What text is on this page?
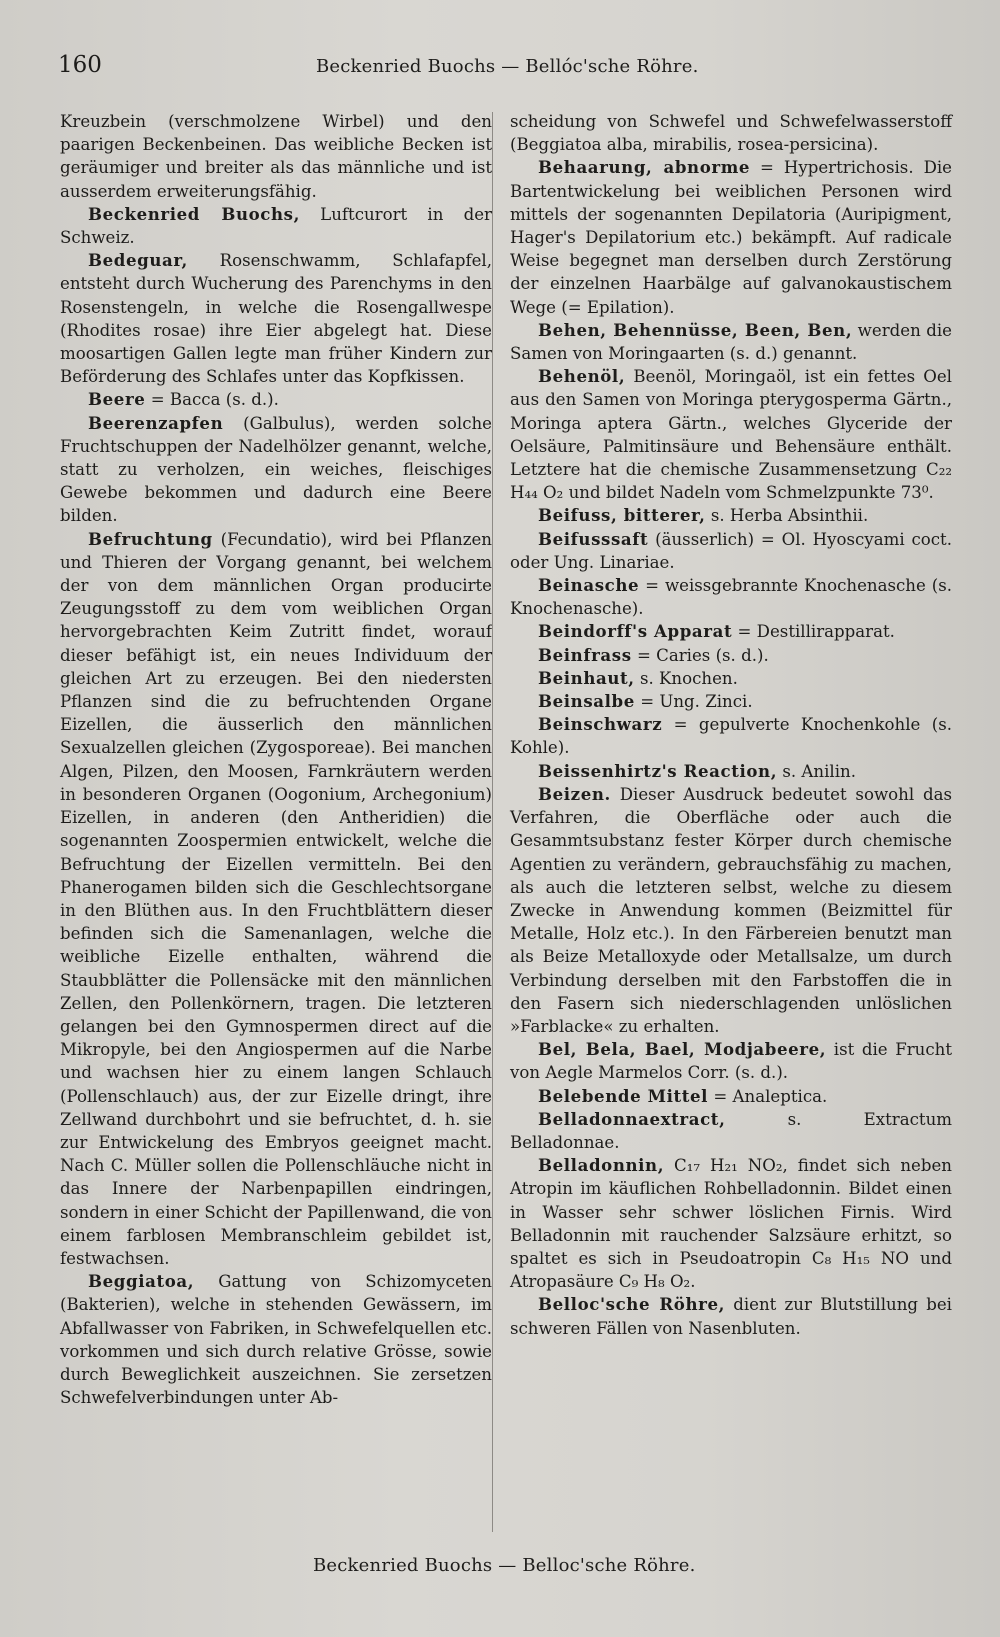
160	Beckenried Buochs — Bellóc'sche Röhre.

Kreuzbein (verschmolzene Wirbel) und den paarigen Beckenbeinen. Das weibliche Becken ist geräumiger und breiter als das männliche und ist ausserdem erweiterungsfähig.

Beckenried Buochs, Luftcurort in der Schweiz.

Bedeguar, Rosenschwamm, Schlafapfel, entsteht durch Wucherung des Parenchyms in den Rosenstengeln, in welche die Rosengallwespe (Rhodites rosae) ihre Eier abgelegt hat. Diese moosartigen Gallen legte man früher Kindern zur Beförderung des Schlafes unter das Kopfkissen.

Beere = Bacca (s. d.).

Beerenzapfen (Galbulus), werden solche Fruchtschuppen der Nadelhölzer genannt, welche, statt zu verholzen, ein weiches, fleischiges Gewebe bekommen und dadurch eine Beere bilden.

Befruchtung (Fecundatio), wird bei Pflanzen und Thieren der Vorgang genannt, bei welchem der von dem männlichen Organ producirte Zeugungsstoff zu dem vom weiblichen Organ hervorgebrachten Keim Zutritt findet, worauf dieser befähigt ist, ein neues Individuum der gleichen Art zu erzeugen. Bei den niedersten Pflanzen sind die zu befruchtenden Organe Eizellen, die äusserlich den männlichen Sexualzellen gleichen (Zygosporeae). Bei manchen Algen, Pilzen, den Moosen, Farnkräutern werden in besonderen Organen (Oogonium, Archegonium) Eizellen, in anderen (den Antheridien) die sogenannten Zoospermien entwickelt, welche die Befruchtung der Eizellen vermitteln. Bei den Phanerogamen bilden sich die Geschlechtsorgane in den Blüthen aus. In den Fruchtblättern dieser befinden sich die Samenanlagen, welche die weibliche Eizelle enthalten, während die Staubblätter die Pollensäcke mit den männlichen Zellen, den Pollenkörnern, tragen. Die letzteren gelangen bei den Gymnospermen direct auf die Mikropyle, bei den Angiospermen auf die Narbe und wachsen hier zu einem langen Schlauch (Pollenschlauch) aus, der zur Eizelle dringt, ihre Zellwand durchbohrt und sie befruchtet, d. h. sie zur Entwickelung des Embryos geeignet macht. Nach C. Müller sollen die Pollenschläuche nicht in das Innere der Narbenpapillen eindringen, sondern in einer Schicht der Papillenwand, die von einem farblosen Membranschleim gebildet ist, festwachsen.

Beggiatoa, Gattung von Schizomyceten (Bakterien), welche in stehenden Gewässern, im Abfallwasser von Fabriken, in Schwefelquellen etc. vorkommen und sich durch relative Grösse, sowie durch Beweglichkeit auszeichnen. Sie zersetzen Schwefelverbindungen unter Ab-

scheidung von Schwefel und Schwefelwasserstoff (Beggiatoa alba, mirabilis, rosea-persicina).

Behaarung, abnorme = Hypertrichosis. Die Bartentwickelung bei weiblichen Personen wird mittels der sogenannten Depilatoria (Auripigment, Hager's Depilatorium etc.) bekämpft. Auf radicale Weise begegnet man derselben durch Zerstörung der einzelnen Haarbälge auf galvanokaustischem Wege (= Epilation).

Behen, Behennüsse, Been, Ben, werden die Samen von Moringaarten (s. d.) genannt.

Behenöl, Beenöl, Moringaöl, ist ein fettes Oel aus den Samen von Moringa pterygosperma Gärtn., Moringa aptera Gärtn., welches Glyceride der Oelsäure, Palmitinsäure und Behensäure enthält. Letztere hat die chemische Zusammensetzung C₂₂ H₄₄ O₂ und bildet Nadeln vom Schmelzpunkte 73⁰.

Beifuss, bitterer, s. Herba Absinthii.

Beifusssaft (äusserlich) = Ol. Hyoscyami coct. oder Ung. Linariae.

Beinasche = weissgebrannte Knochenasche (s. Knochenasche).

Beindorff's Apparat = Destillirapparat.

Beinfrass = Caries (s. d.).

Beinhaut, s. Knochen.

Beinsalbe = Ung. Zinci.

Beinschwarz = gepulverte Knochenkohle (s. Kohle).

Beissenhirtz's Reaction, s. Anilin.

Beizen. Dieser Ausdruck bedeutet sowohl das Verfahren, die Oberfläche oder auch die Gesammtsubstanz fester Körper durch chemische Agentien zu verändern, gebrauchsfähig zu machen, als auch die letzteren selbst, welche zu diesem Zwecke in Anwendung kommen (Beizmittel für Metalle, Holz etc.). In den Färbereien benutzt man als Beize Metalloxyde oder Metallsalze, um durch Verbindung derselben mit den Farbstoffen die in den Fasern sich niederschlagenden unlöslichen »Farblacke« zu erhalten.

Bel, Bela, Bael, Modjabeere, ist die Frucht von Aegle Marmelos Corr. (s. d.).

Belebende Mittel = Analeptica.

Belladonnaextract, s. Extractum Belladonnae.

Belladonnin, C₁₇ H₂₁ NO₂, findet sich neben Atropin im käuflichen Rohbelladonnin. Bildet einen in Wasser sehr schwer löslichen Firnis. Wird Belladonnin mit rauchender Salzsäure erhitzt, so spaltet es sich in Pseudoatropin C₈ H₁₅ NO und Atropasäure C₉ H₈ O₂.

Belloc'sche Röhre, dient zur Blutstillung bei schweren Fällen von Nasenbluten.

Beckenried Buochs — Belloc'sche Röhre.
